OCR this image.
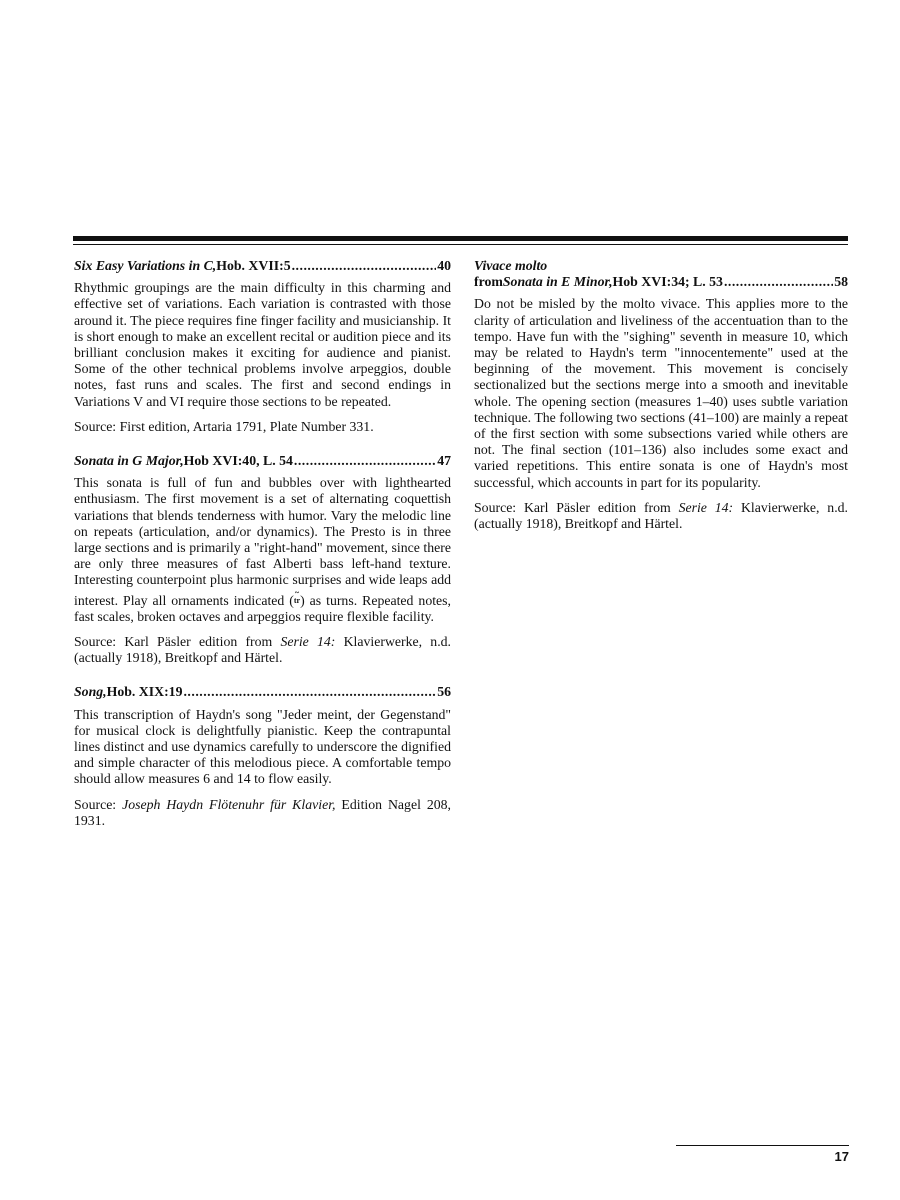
Six Easy Variations in C, Hob. XVII:5 .....	40

Rhythmic groupings are the main difficulty in this charming and effective set of variations. Each variation is contrasted with those around it. The piece requires fine finger facility and musicianship. It is short enough to make an excellent recital or audition piece and its brilliant conclusion makes it exciting for audience and pianist. Some of the other technical problems involve arpeggios, double notes, fast runs and scales. The first and second endings in Variations V and VI require those sections to be repeated.

Source: First edition, Artaria 1791, Plate Number 331.

Sonata in G Major, Hob XVI:40, L. 54 .....	47

This sonata is full of fun and bubbles over with lighthearted enthusiasm. The first movement is a set of alternating coquettish variations that blends tenderness with humor. Vary the melodic line on repeats (articulation, and/or dynamics). The Presto is in three large sections and is primarily a "right-hand" movement, since there are only three measures of fast Alberti bass left-hand texture. Interesting counterpoint plus harmonic surprises and wide leaps add interest. Play all ornaments indicated (~
tr) as turns. Repeated notes, fast scales, broken octaves and arpeggios require flexible facility.

Source: Karl Päsler edition from Serie 14: Klavierwerke, n.d. (actually 1918), Breitkopf and Härtel.

Song, Hob. XIX:19 .....	56

This transcription of Haydn's song "Jeder meint, der Gegenstand" for musical clock is delightfully pianistic. Keep the contrapuntal lines distinct and use dynamics carefully to underscore the dignified and simple character of this melodious piece. A comfortable tempo should allow measures 6 and 14 to flow easily.

Source: Joseph Haydn Flötenuhr für Klavier, Edition Nagel 208, 1931.

Vivace molto
from Sonata in E Minor, Hob XVI:34; L. 53 .....	58

Do not be misled by the molto vivace. This applies more to the clarity of articulation and liveliness of the accentuation than to the tempo. Have fun with the "sighing" seventh in measure 10, which may be related to Haydn's term "innocentemente" used at the beginning of the movement. This movement is concisely sectionalized but the sections merge into a smooth and inevitable whole. The opening section (measures 1–40) uses subtle variation technique. The following two sections (41–100) are mainly a repeat of the first section with some subsections varied while others are not. The final section (101–136) also includes some exact and varied repetitions. This entire sonata is one of Haydn's most successful, which accounts in part for its popularity.

Source: Karl Päsler edition from Serie 14: Klavierwerke, n.d. (actually 1918), Breitkopf and Härtel.

17
